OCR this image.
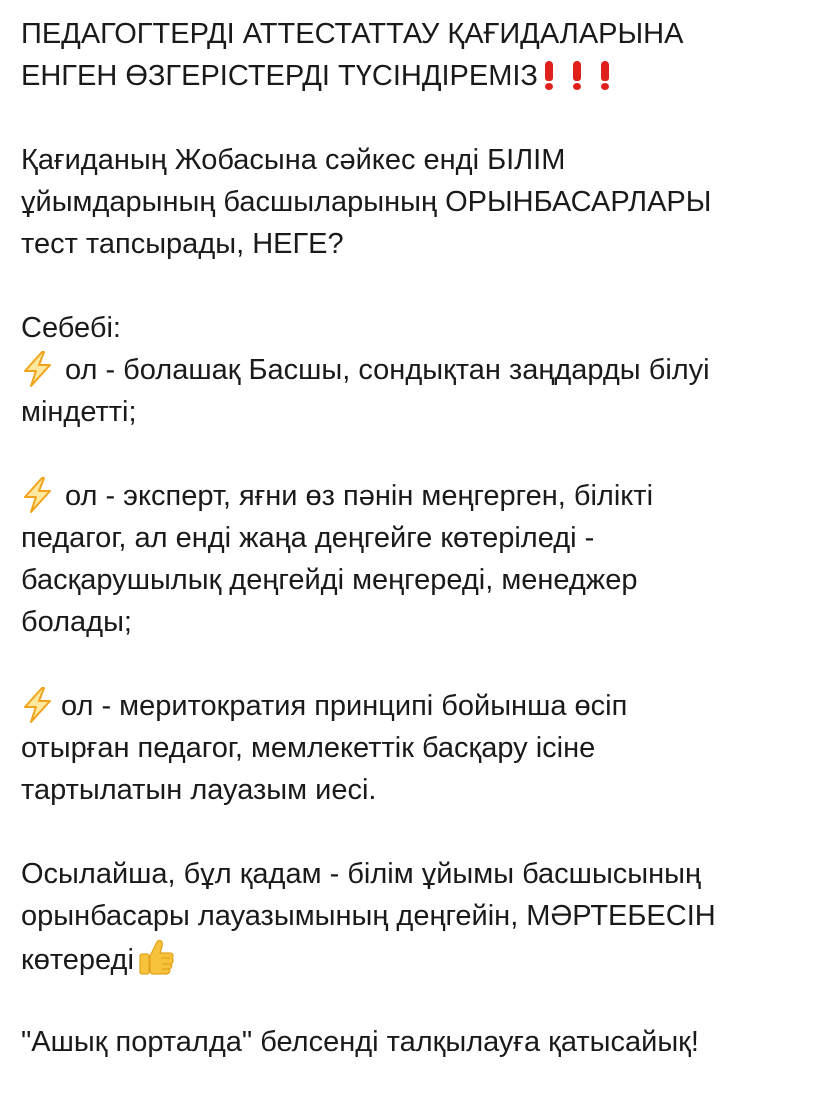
ПЕДАГОГТЕРДІ АТТЕСТАТТАУ ҚАҒИДАЛАРЫНА
ЕНГЕН ӨЗГЕРІСТЕРДІ ТҮСІНДІРЕМІЗ
Қағиданың Жобасына сәйкес енді БІЛІМ
ұйымдарының басшыларының ОРЫНБАСАРЛАРЫ
тест тапсырады, НЕГЕ?
Себебі:
ол - болашақ Басшы, сондықтан заңдарды білуі
міндетті;
ол - эксперт, яғни өз пәнін меңгерген, білікті
педагог, ал енді жаңа деңгейге көтеріледі -
басқарушылық деңгейді меңгереді, менеджер
болады;
ол - меритократия принципі бойынша өсіп
отырған педагог, мемлекеттік басқару ісіне
тартылатын лауазым иесі.
Осылайша, бұл қадам - білім ұйымы басшысының
орынбасары лауазымының деңгейін, МӘРТЕБЕСІН
көтереді
"Ашық порталда" белсенді талқылауға қатысайық!
